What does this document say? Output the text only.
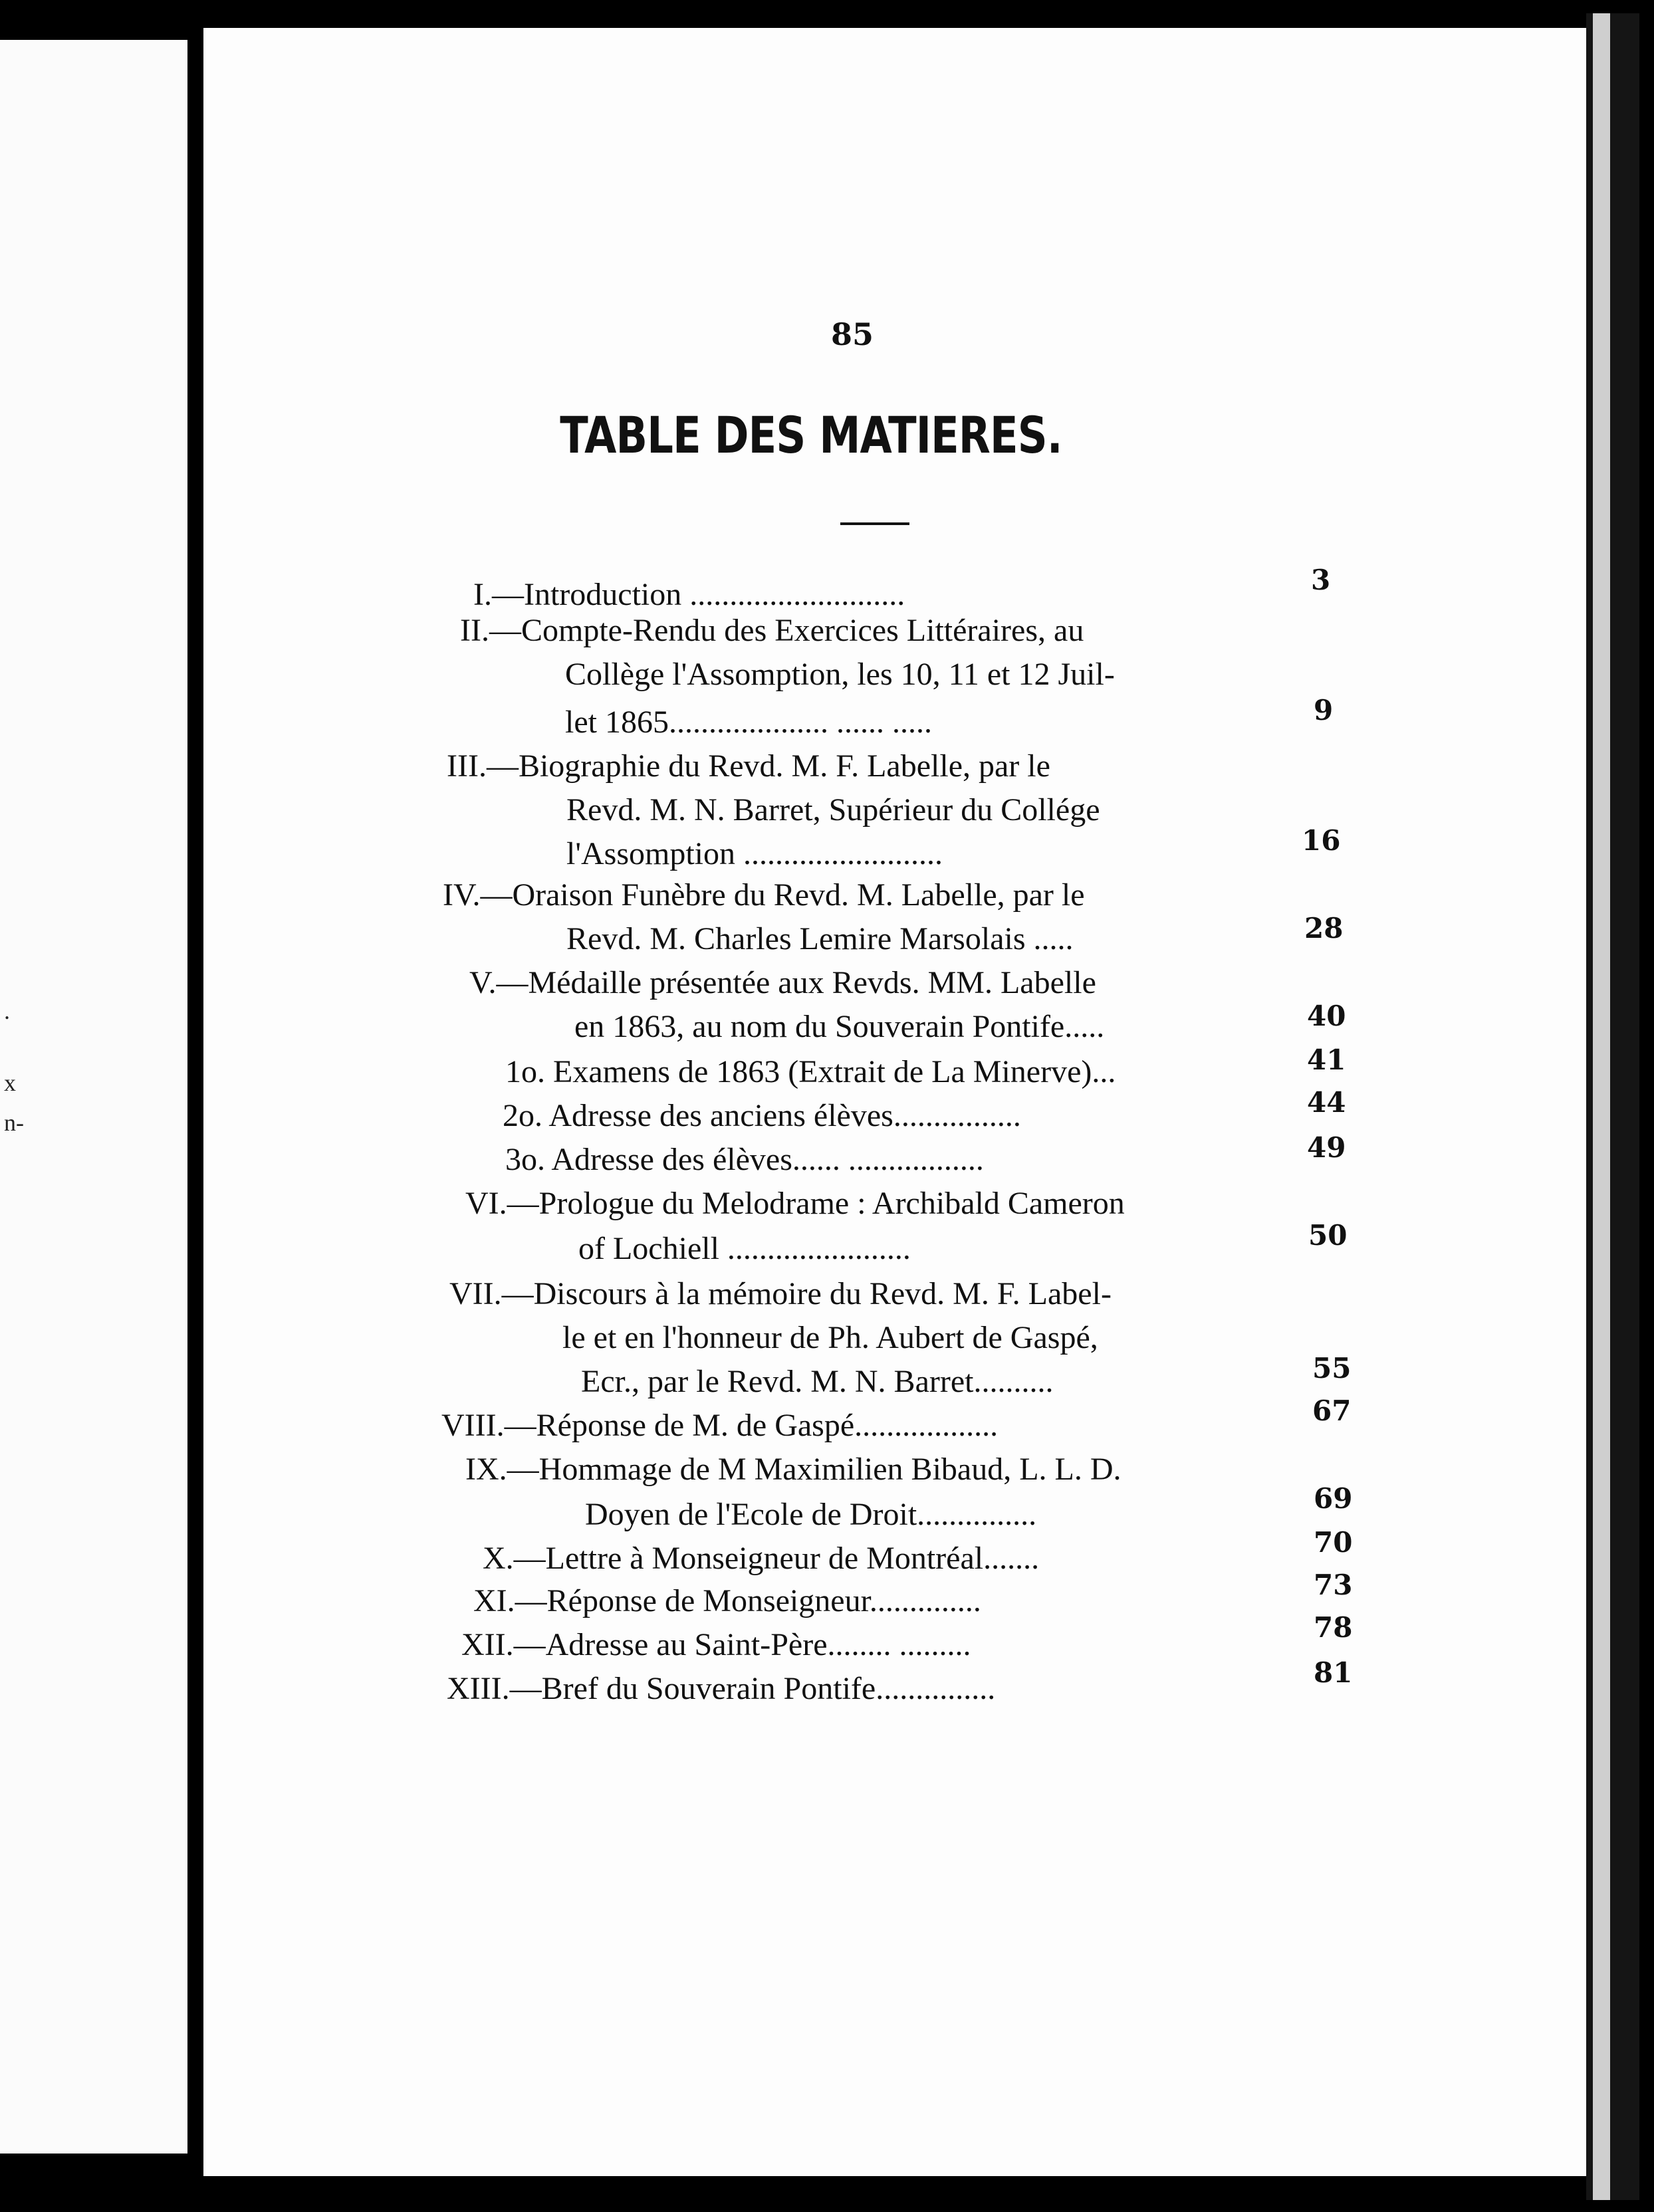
.
x
n-
85
TABLE DES MATIERES.
I.—Introduction ...........................	3
II.—Compte-Rendu des Exercices Littéraires, au
Collège l'Assomption, les 10, 11 et 12 Juil-
let 1865.................... ...... .....	9
III.—Biographie du Revd. M. F. Labelle, par le
Revd. M. N. Barret, Supérieur du Collége
l'Assomption .........................	16
IV.—Oraison Funèbre du Revd. M. Labelle, par le
Revd. M. Charles Lemire Marsolais .....	28
V.—Médaille présentée aux Revds. MM. Labelle
en 1863, au nom du Souverain Pontife.....	40
1o. Examens de 1863 (Extrait de La Minerve)...	41
2o. Adresse des anciens élèves................	44
3o. Adresse des élèves...... .................	49
VI.—Prologue du Melodrame : Archibald Cameron
of Lochiell .......................	50
VII.—Discours à la mémoire du Revd. M. F. Label-
le et en l'honneur de Ph. Aubert de Gaspé,
Ecr., par le Revd. M. N. Barret..........	55
VIII.—Réponse de M. de Gaspé..................	67
IX.—Hommage de M Maximilien Bibaud, L. L. D.
Doyen de l'Ecole de Droit...............	69
X.—Lettre à Monseigneur de Montréal.......	70
XI.—Réponse de Monseigneur..............	73
XII.—Adresse au Saint-Père........ .........	78
XIII.—Bref du Souverain Pontife...............	81
